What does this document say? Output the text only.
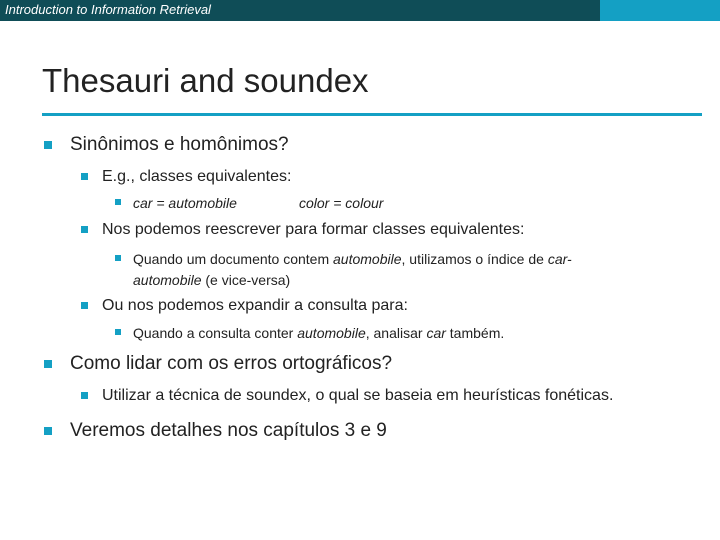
Introduction to Information Retrieval
Thesauri and soundex
Sinônimos e homônimos?
E.g., classes equivalentes:
car = automobile	color = colour
Nos podemos reescrever para formar classes equivalentes:
Quando um documento contem automobile, utilizamos o índice de car-
automobile (e vice-versa)
Ou nos podemos expandir a consulta para:
Quando a consulta conter automobile, analisar car também.
Como lidar com os erros ortográficos?
Utilizar a técnica de soundex, o qual se baseia em heurísticas fonéticas.
Veremos detalhes nos capítulos 3 e 9
